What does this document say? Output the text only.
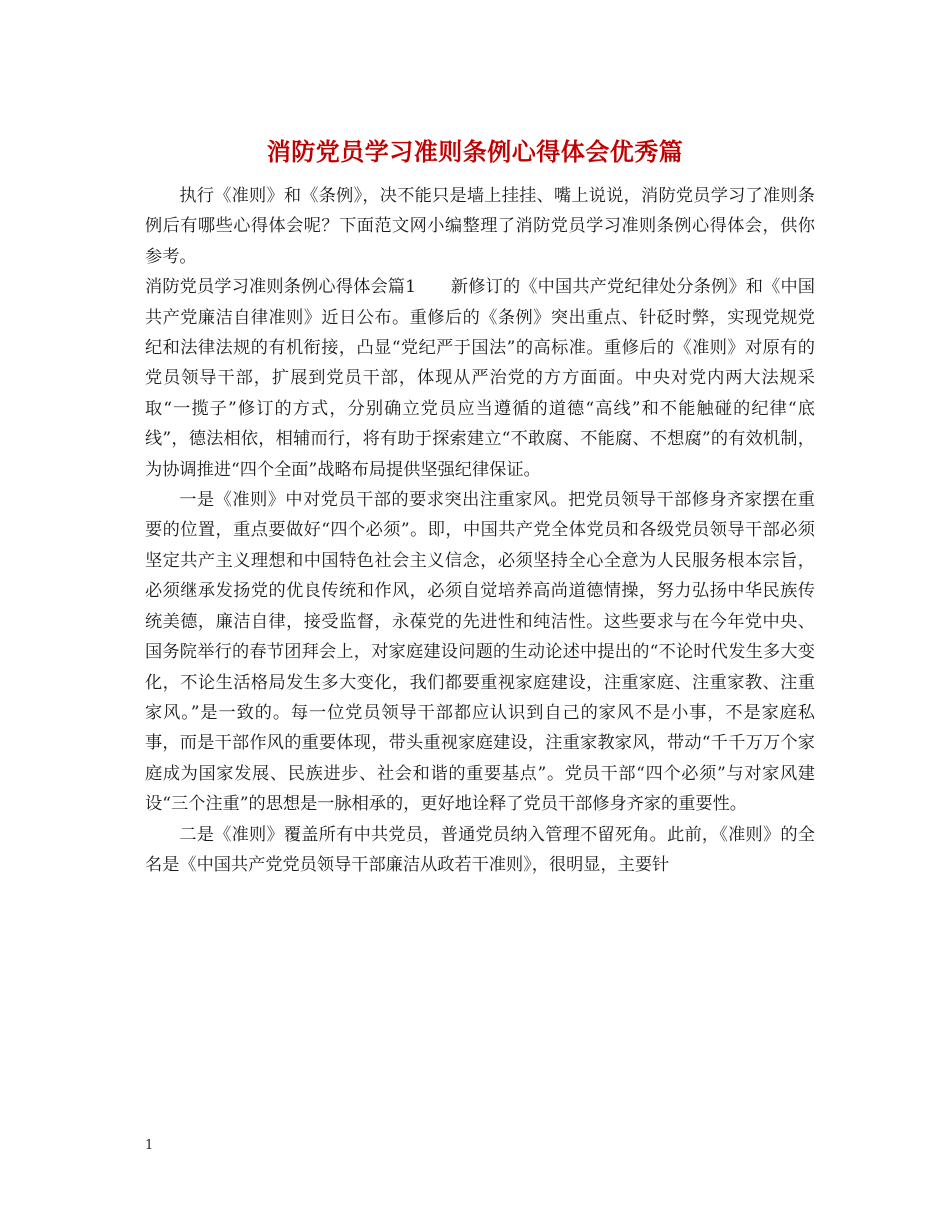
消防党员学习准则条例心得体会优秀篇

执行《准则》和《条例》，决不能只是墙上挂挂、嘴上说说，消防党员学习了准则条例后有哪些心得体会呢？下面范文网小编整理了消防党员学习准则条例心得体会，供你参考。

消防党员学习准则条例心得体会篇1　　新修订的《中国共产党纪律处分条例》和《中国共产党廉洁自律准则》近日公布。重修后的《条例》突出重点、针砭时弊，实现党规党纪和法律法规的有机衔接，凸显“党纪严于国法”的高标准。重修后的《准则》对原有的党员领导干部，扩展到党员干部，体现从严治党的方方面面。中央对党内两大法规采取“一揽子”修订的方式，分别确立党员应当遵循的道德“高线”和不能触碰的纪律“底线”，德法相依，相辅而行，将有助于探索建立“不敢腐、不能腐、不想腐”的有效机制，为协调推进“四个全面”战略布局提供坚强纪律保证。

一是《准则》中对党员干部的要求突出注重家风。把党员领导干部修身齐家摆在重要的位置，重点要做好“四个必须”。即，中国共产党全体党员和各级党员领导干部必须坚定共产主义理想和中国特色社会主义信念，必须坚持全心全意为人民服务根本宗旨，必须继承发扬党的优良传统和作风，必须自觉培养高尚道德情操，努力弘扬中华民族传统美德，廉洁自律，接受监督，永葆党的先进性和纯洁性。这些要求与在今年党中央、国务院举行的春节团拜会上，对家庭建设问题的生动论述中提出的“不论时代发生多大变化，不论生活格局发生多大变化，我们都要重视家庭建设，注重家庭、注重家教、注重家风。”是一致的。每一位党员领导干部都应认识到自己的家风不是小事，不是家庭私事，而是干部作风的重要体现，带头重视家庭建设，注重家教家风，带动“千千万万个家庭成为国家发展、民族进步、社会和谐的重要基点”。党员干部“四个必须”与对家风建设“三个注重”的思想是一脉相承的，更好地诠释了党员干部修身齐家的重要性。

二是《准则》覆盖所有中共党员，普通党员纳入管理不留死角。此前，《准则》的全名是《中国共产党党员领导干部廉洁从政若干准则》，很明显，主要针

1
